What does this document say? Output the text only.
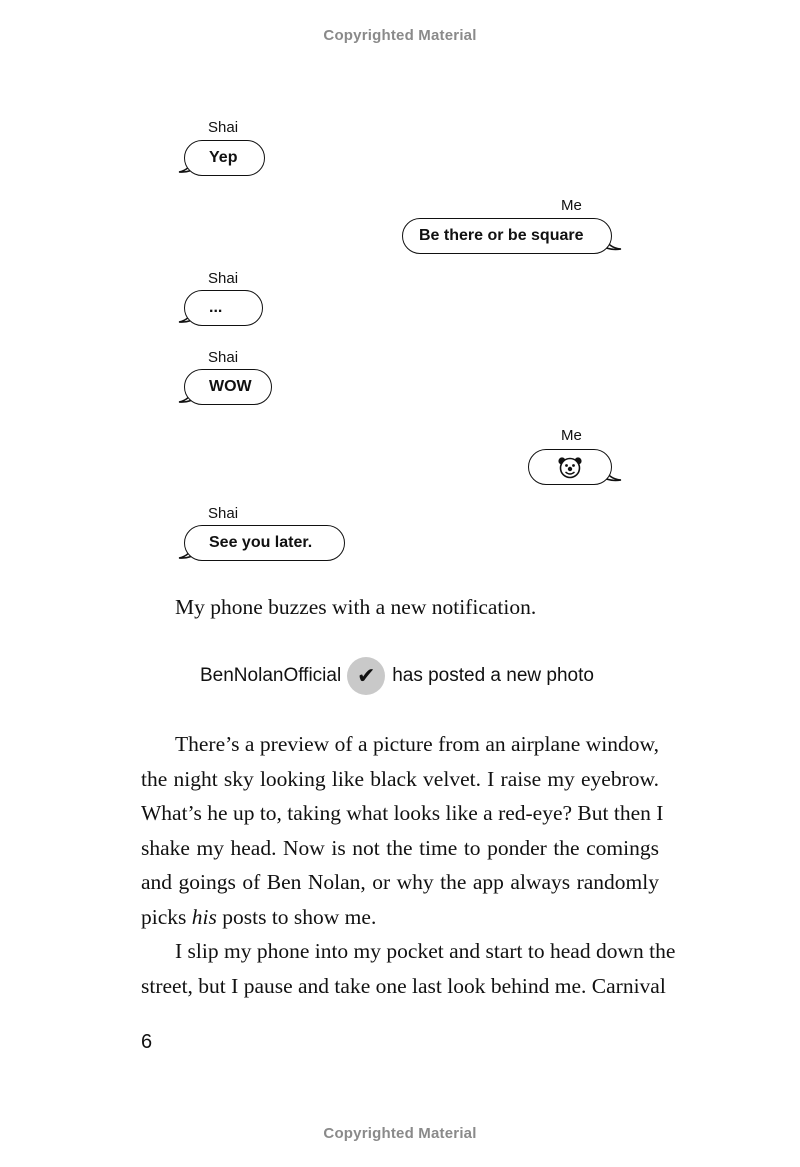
Copyrighted Material
Shai
Yep
Me
Be there or be square
Shai
...
Shai
WOW
Me
Shai
See you later.
My phone buzzes with a new notification.
BenNolanOfficial ✔ has posted a new photo
There’s a preview of a picture from an airplane window,
the night sky looking like black velvet. I raise my eyebrow.
What’s he up to, taking what looks like a red-eye? But then I
shake my head. Now is not the time to ponder the comings
and goings of Ben Nolan, or why the app always randomly
picks his posts to show me.
I slip my phone into my pocket and start to head down the
street, but I pause and take one last look behind me. Carnival
6
Copyrighted Material
